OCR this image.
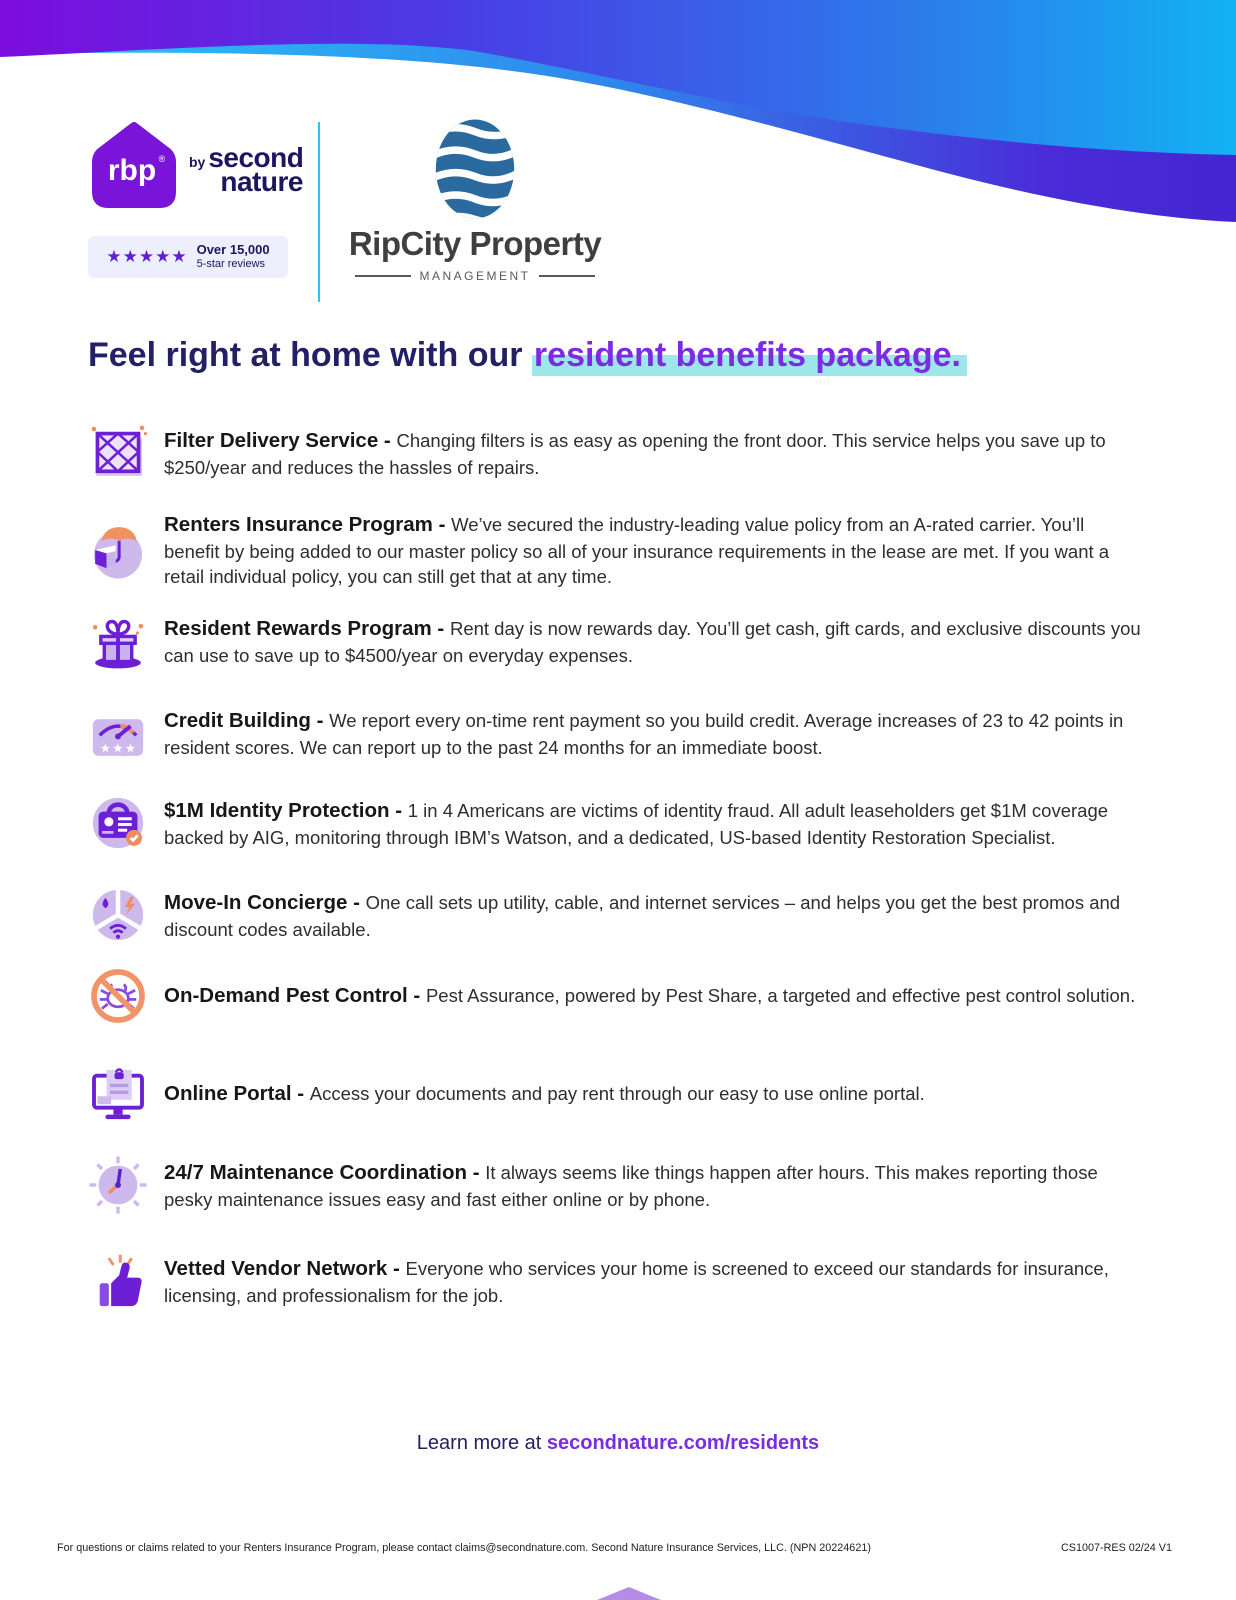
rbp ® by second
nature
★★★★★ Over 15,000
5-star reviews
RipCity Property
MANAGEMENT
Feel right at home with our resident benefits package.

Filter Delivery Service - Changing filters is as easy as opening the front door. This service helps you save up to $250/year and reduces the hassles of repairs.

Renters Insurance Program - We’ve secured the industry-leading value policy from an A-rated carrier. You’ll benefit by being added to our master policy so all of your insurance requirements in the lease are met. If you want a retail individual policy, you can still get that at any time.

Resident Rewards Program - Rent day is now rewards day. You’ll get cash, gift cards, and exclusive discounts you can use to save up to $4500/year on everyday expenses.

★ ★ ★

Credit Building - We report every on-time rent payment so you build credit. Average increases of 23 to 42 points in resident scores. We can report up to the past 24 months for an immediate boost.

$1M Identity Protection - 1 in 4 Americans are victims of identity fraud. All adult leaseholders get $1M coverage backed by AIG, monitoring through IBM’s Watson, and a dedicated, US-based Identity Restoration Specialist.

Move-In Concierge - One call sets up utility, cable, and internet services – and helps you get the best promos and discount codes available.

On-Demand Pest Control - Pest Assurance, powered by Pest Share, a targeted and effective pest control solution.

Online Portal - Access your documents and pay rent through our easy to use online portal.

24/7 Maintenance Coordination - It always seems like things happen after hours. This makes reporting those pesky maintenance issues easy and fast either online or by phone.

Vetted Vendor Network - Everyone who services your home is screened to exceed our standards for insurance, licensing, and professionalism for the job.

Learn more at secondnature.com/residents
For questions or claims related to your Renters Insurance Program, please contact claims@secondnature.com. Second Nature Insurance Services, LLC. (NPN 20224621)	CS1007-RES 02/24 V1
